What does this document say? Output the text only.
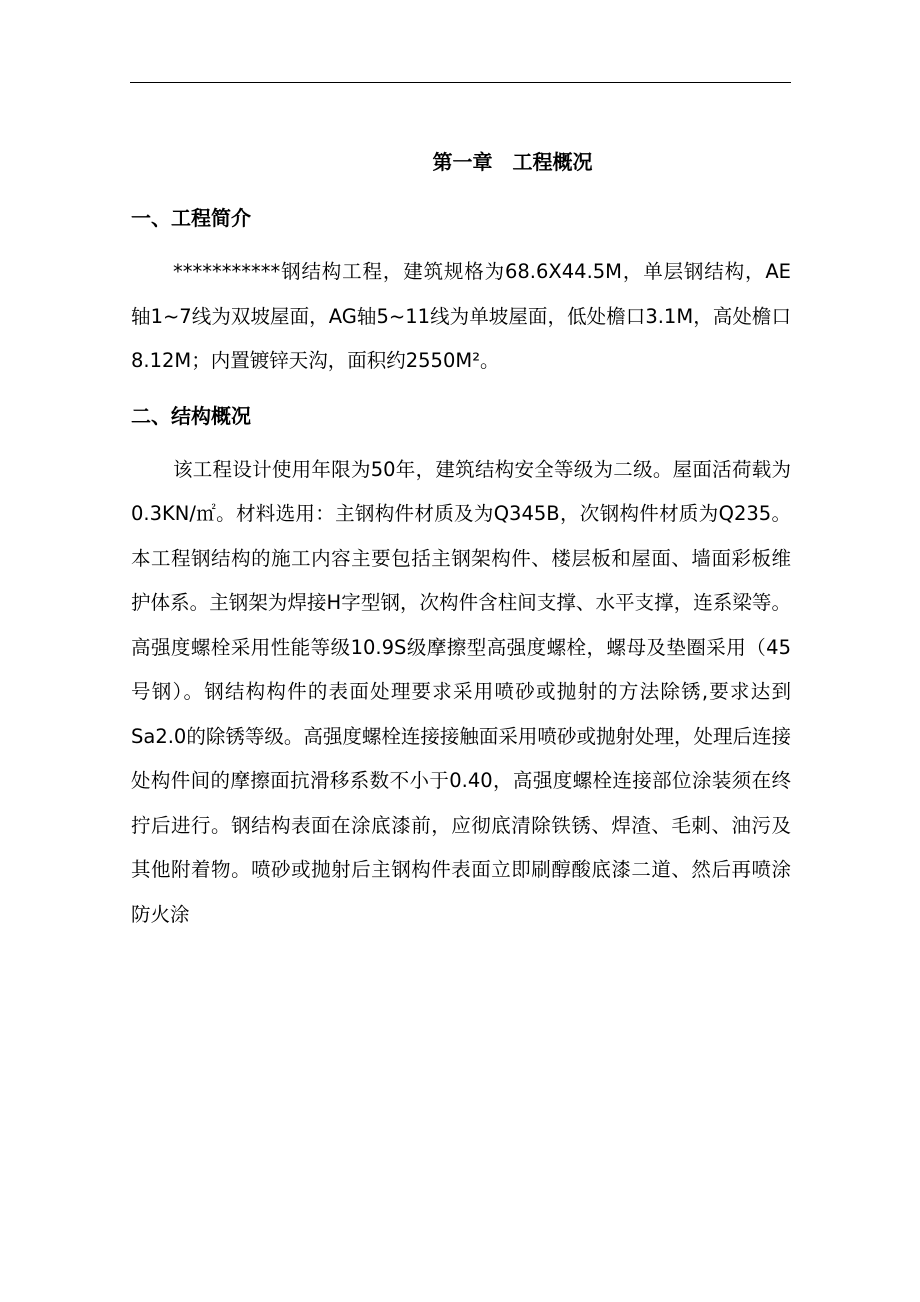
第一章 工程概况
一、工程简介

***********钢结构工程，建筑规格为68.6X44.5M，单层钢结构，AE轴1~7线为双坡屋面，AG轴5~11线为单坡屋面，低处檐口3.1M，高处檐口8.12M；内置镀锌天沟，面积约2550M²。

二、结构概况

该工程设计使用年限为50年，建筑结构安全等级为二级。屋面活荷载为0.3KN/㎡。材料选用：主钢构件材质及为Q345B，次钢构件材质为Q235。本工程钢结构的施工内容主要包括主钢架构件、楼层板和屋面、墙面彩板维护体系。主钢架为焊接H字型钢，次构件含柱间支撑、水平支撑，连系梁等。高强度螺栓采用性能等级10.9S级摩擦型高强度螺栓，螺母及垫圈采用（45号钢）。钢结构构件的表面处理要求采用喷砂或抛射的方法除锈,要求达到Sa2.0的除锈等级。高强度螺栓连接接触面采用喷砂或抛射处理，处理后连接处构件间的摩擦面抗滑移系数不小于0.40，高强度螺栓连接部位涂装须在终拧后进行。钢结构表面在涂底漆前，应彻底清除铁锈、焊渣、毛刺、油污及其他附着物。喷砂或抛射后主钢构件表面立即刷醇酸底漆二道、然后再喷涂防火涂
